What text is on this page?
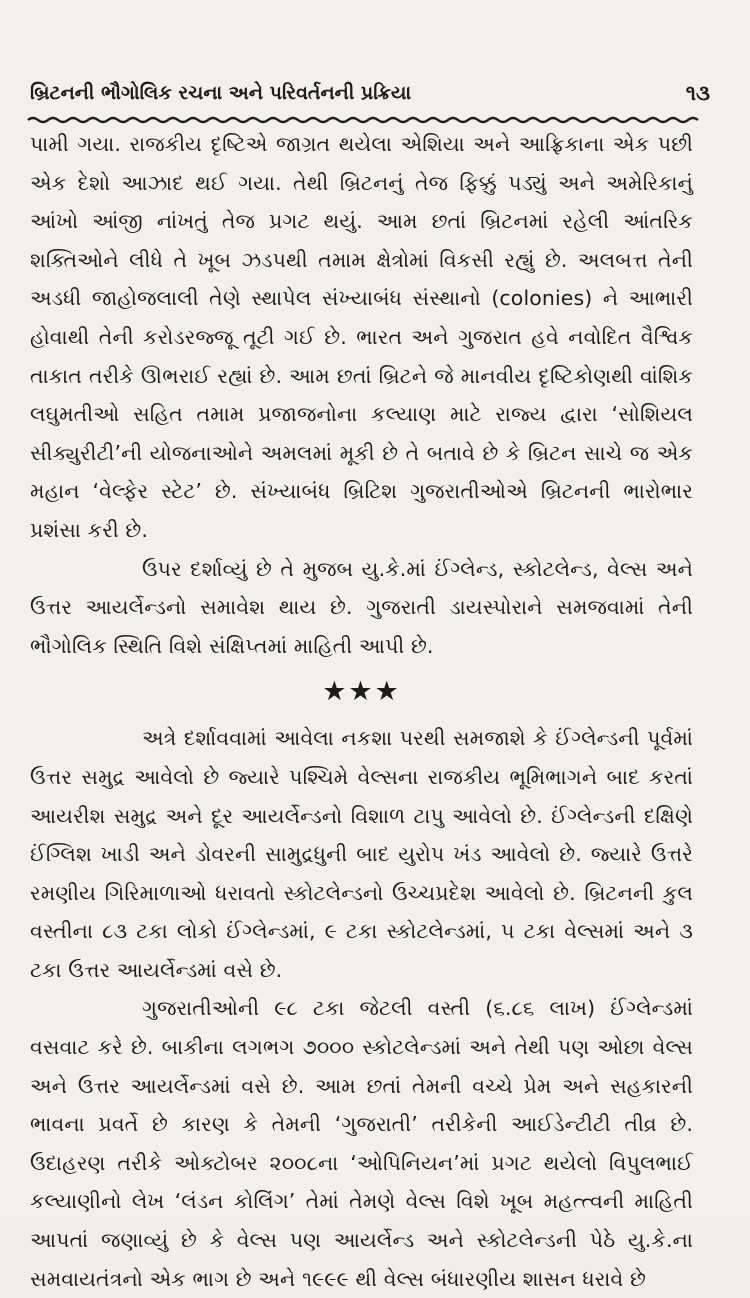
બ્રિટનની ભૌગોલિક રચના અને પરિવર્તનની પ્રક્રિયા	૧૩

પામી ગયા. રાજકીય દૃષ્ટિએ જાગ્રત થયેલા એશિયા અને આફ્રિકાના એક પછી એક દેશો આઝાદ થઈ ગયા. તેથી બ્રિટનનું તેજ ફિક્કું પડ્યું અને અમેરિકાનું આંખો આંજી નાંખતું તેજ પ્રગટ થયું. આમ છતાં બ્રિટનમાં રહેલી આંતરિક શક્તિઓને લીધે તે ખૂબ ઝડપથી તમામ ક્ષેત્રોમાં વિકસી રહ્યું છે. અલબત્ત તેની અડધી જાહોજલાલી તેણે સ્થાપેલ સંખ્યાબંધ સંસ્થાનો (colonies) ને આભારી હોવાથી તેની કરોડરજ્જૂ તૂટી ગઈ છે. ભારત અને ગુજરાત હવે નવોદિત વૈશ્વિક તાકાત તરીકે ઊભરાઈ રહ્યાં છે. આમ છતાં બ્રિટને જે માનવીય દૃષ્ટિકોણથી વાંશિક લઘુમતીઓ સહિત તમામ પ્રજાજનોના કલ્યાણ માટે રાજ્ય દ્વારા ‘સોશિયલ સીક્યુરીટી’ની યોજનાઓને અમલમાં મૂકી છે તે બતાવે છે કે બ્રિટન સાચે જ એક મહાન ‘વેલ્ફેર સ્ટેટ’ છે. સંખ્યાબંધ બ્રિટિશ ગુજરાતીઓએ બ્રિટનની ભારોભાર પ્રશંસા કરી છે.

ઉપર દર્શાવ્યું છે તે મુજબ યુ.કે.માં ઈંગ્લેન્ડ, સ્કોટલેન્ડ, વેલ્સ અને ઉત્તર આયર્લેન્ડનો સમાવેશ થાય છે. ગુજરાતી ડાયસ્પોરાને સમજવામાં તેની ભૌગોલિક સ્થિતિ વિશે સંક્ષિપ્તમાં માહિતી આપી છે.

★★★

અત્રે દર્શાવવામાં આવેલા નકશા પરથી સમજાશે કે ઈંગ્લેન્ડની પૂર્વમાં ઉત્તર સમુદ્ર આવેલો છે જ્યારે પશ્ચિમે વેલ્સના રાજકીય ભૂમિભાગને બાદ કરતાં આયરીશ સમુદ્ર અને દૂર આયર્લેન્ડનો વિશાળ ટાપુ આવેલો છે. ઈંગ્લેન્ડની દક્ષિણે ઈંગ્લિશ ખાડી અને ડોવરની સામુદ્રધુની બાદ યુરોપ ખંડ આવેલો છે. જ્યારે ઉત્તરે રમણીય ગિરિમાળાઓ ધરાવતો સ્કોટલેન્ડનો ઉચ્ચપ્રદેશ આવેલો છે. બ્રિટનની કુલ વસ્તીના ૮૩ ટકા લોકો ઈંગ્લેન્ડમાં, ૯ ટકા સ્કોટલેન્ડમાં, ૫ ટકા વેલ્સમાં અને ૩ ટકા ઉત્તર આયર્લેન્ડમાં વસે છે.

ગુજરાતીઓની ૯૮ ટકા જેટલી વસ્તી (૬.૮૬ લાખ) ઈંગ્લેન્ડમાં વસવાટ કરે છે. બાકીના લગભગ ૭૦૦૦ સ્કોટલેન્ડમાં અને તેથી પણ ઓછા વેલ્સ અને ઉત્તર આયર્લેન્ડમાં વસે છે. આમ છતાં તેમની વચ્ચે પ્રેમ અને સહકારની ભાવના પ્રવર્તે છે કારણ કે તેમની ‘ગુજરાતી’ તરીકેની આઈડેન્ટીટી તીવ્ર છે. ઉદાહરણ તરીકે ઓક્ટોબર ૨૦૦૮ના ‘ઓપિનિયન’માં પ્રગટ થયેલો વિપુલભાઈ કલ્યાણીનો લેખ ‘લંડન કોલિંગ’ તેમાં તેમણે વેલ્સ વિશે ખૂબ મહત્ત્વની માહિતી આપતાં જણાવ્યું છે કે વેલ્સ પણ આયર્લેન્ડ અને સ્કોટલેન્ડની પેઠે યુ.કે.ના સમવાયતંત્રનો એક ભાગ છે અને ૧૯૯૯ થી વેલ્સ બંધારણીય શાસન ધરાવે છે
